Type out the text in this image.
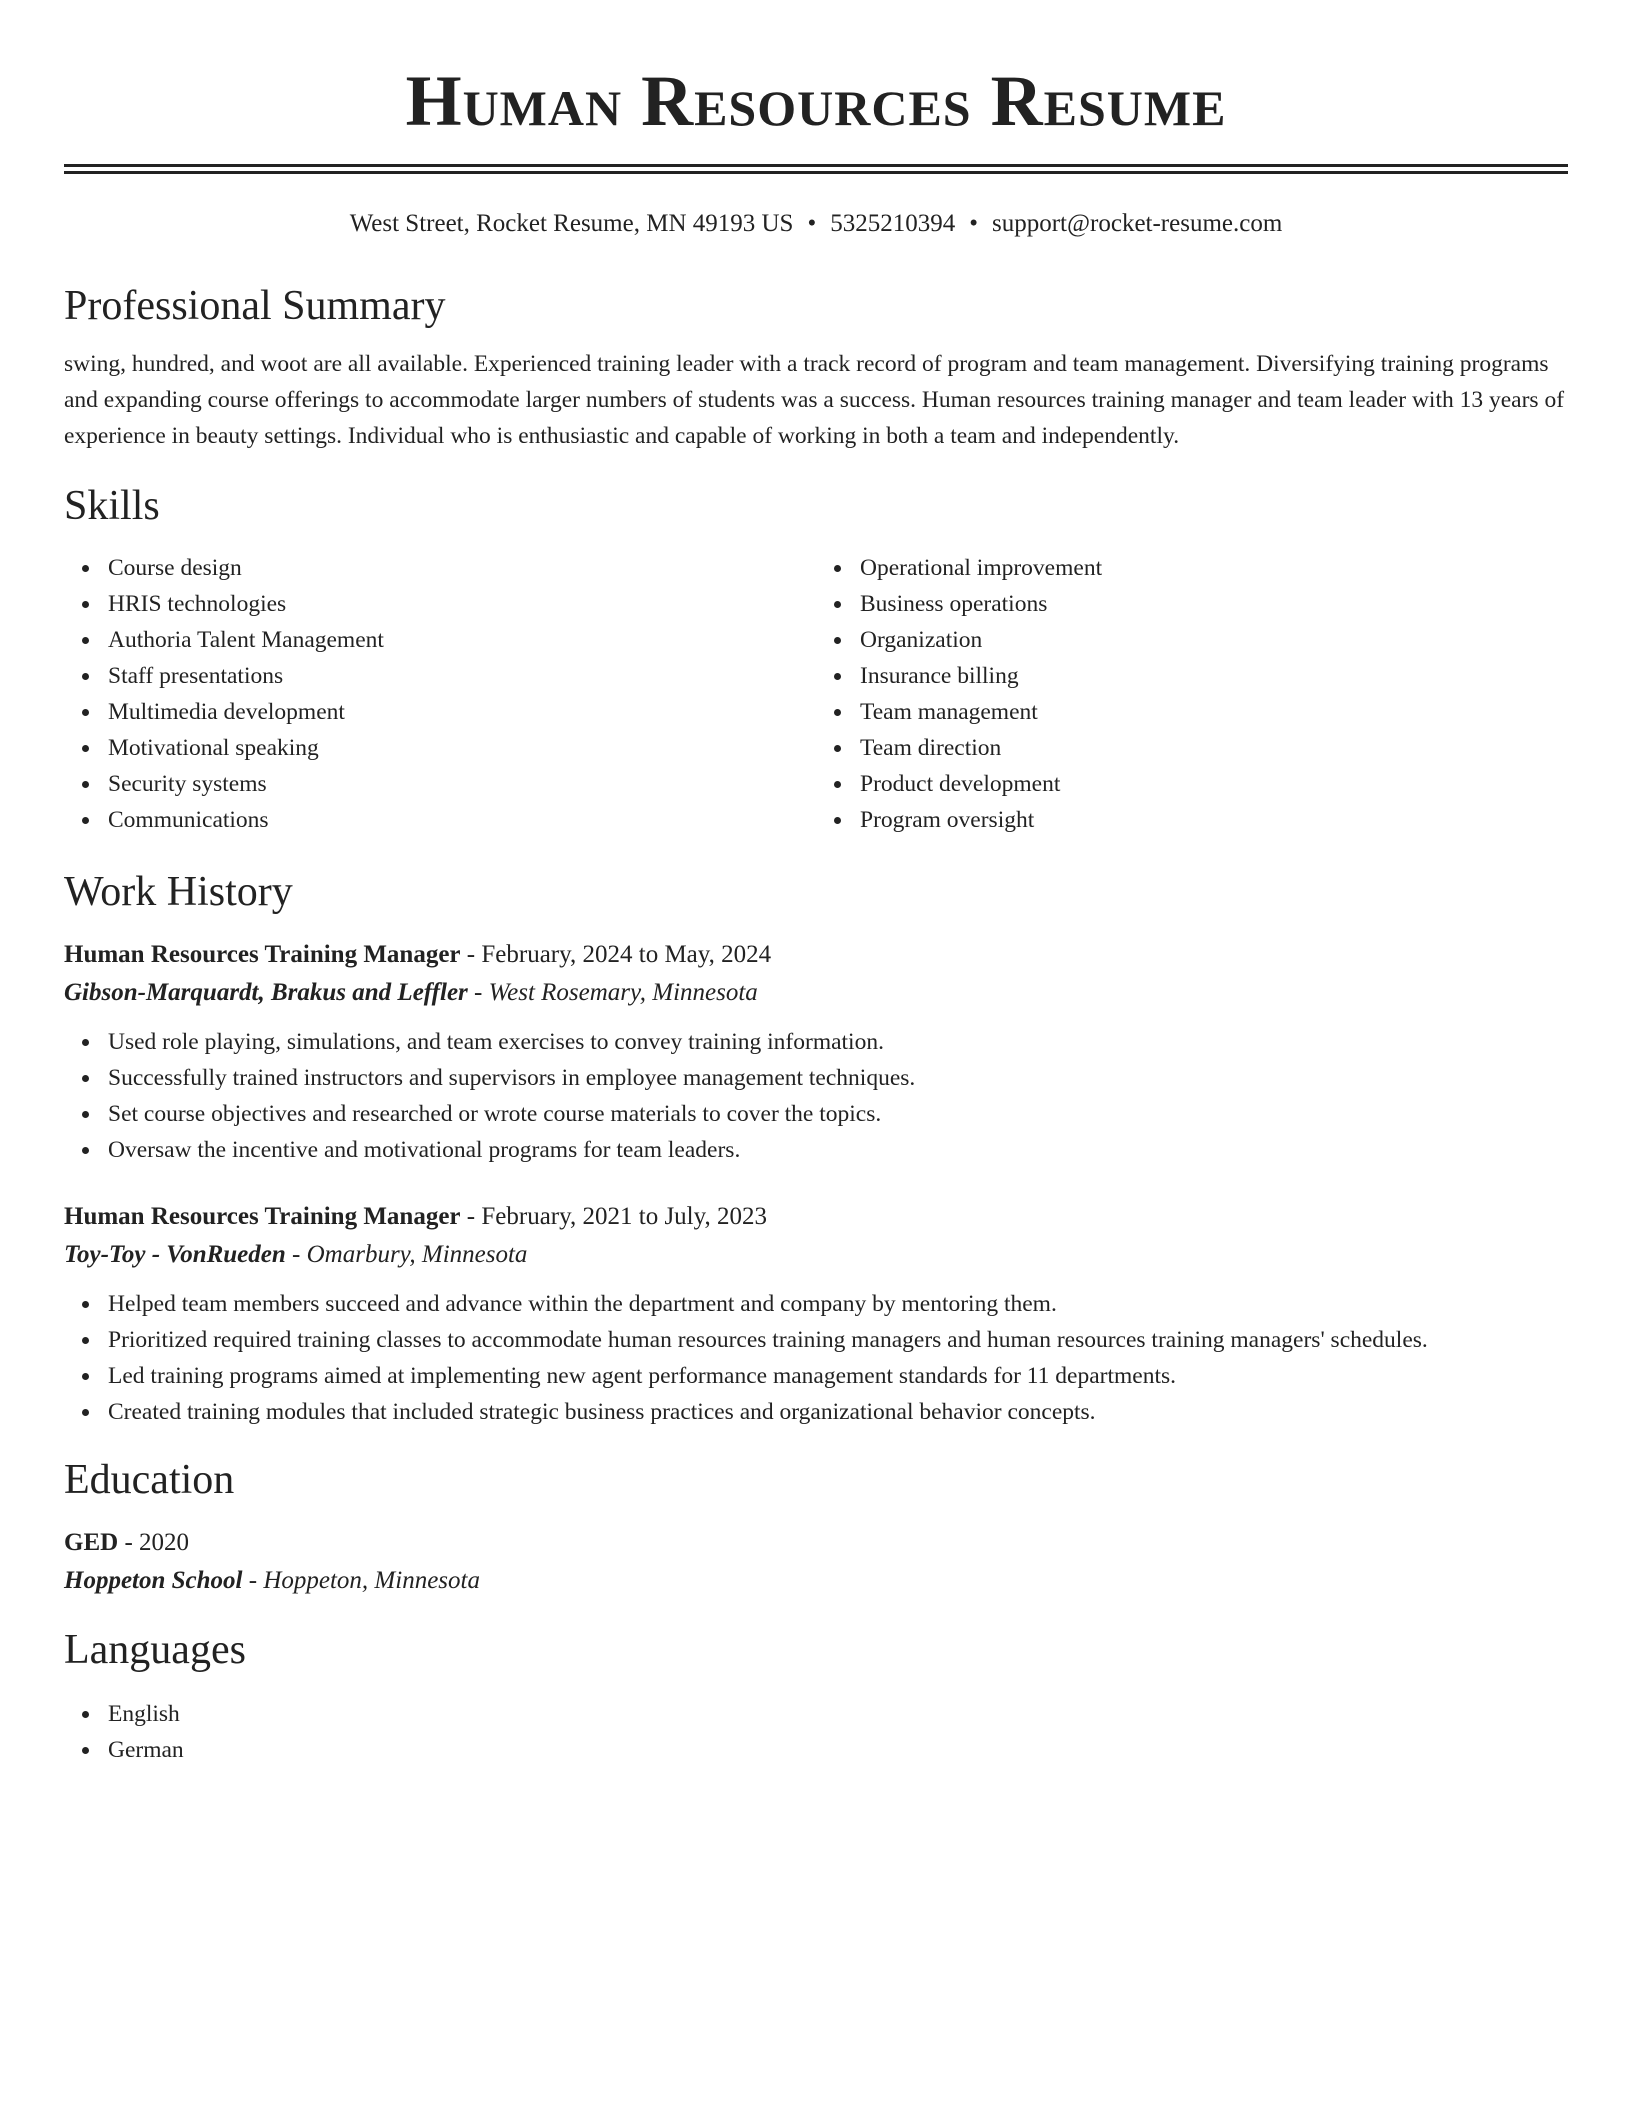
Human Resources Resume
West Street, Rocket Resume, MN 49193 US • 5325210394 • support@rocket-resume.com
Professional Summary

swing, hundred, and woot are all available. Experienced training leader with a track record of program and team management. Diversifying training programs and expanding course offerings to accommodate larger numbers of students was a success. Human resources training manager and team leader with 13 years of experience in beauty settings. Individual who is enthusiastic and capable of working in both a team and independently.

Skills
Course design
HRIS technologies
Authoria Talent Management
Staff presentations
Multimedia development
Motivational speaking
Security systems
Communications
Operational improvement
Business operations
Organization
Insurance billing
Team management
Team direction
Product development
Program oversight
Work History
Human Resources Training Manager - February, 2024 to May, 2024
Gibson-Marquardt, Brakus and Leffler - West Rosemary, Minnesota
Used role playing, simulations, and team exercises to convey training information.
Successfully trained instructors and supervisors in employee management techniques.
Set course objectives and researched or wrote course materials to cover the topics.
Oversaw the incentive and motivational programs for team leaders.
Human Resources Training Manager - February, 2021 to July, 2023
Toy-Toy - VonRueden - Omarbury, Minnesota
Helped team members succeed and advance within the department and company by mentoring them.
Prioritized required training classes to accommodate human resources training managers and human resources training managers' schedules.
Led training programs aimed at implementing new agent performance management standards for 11 departments.
Created training modules that included strategic business practices and organizational behavior concepts.
Education
GED - 2020
Hoppeton School - Hoppeton, Minnesota
Languages
English
German
